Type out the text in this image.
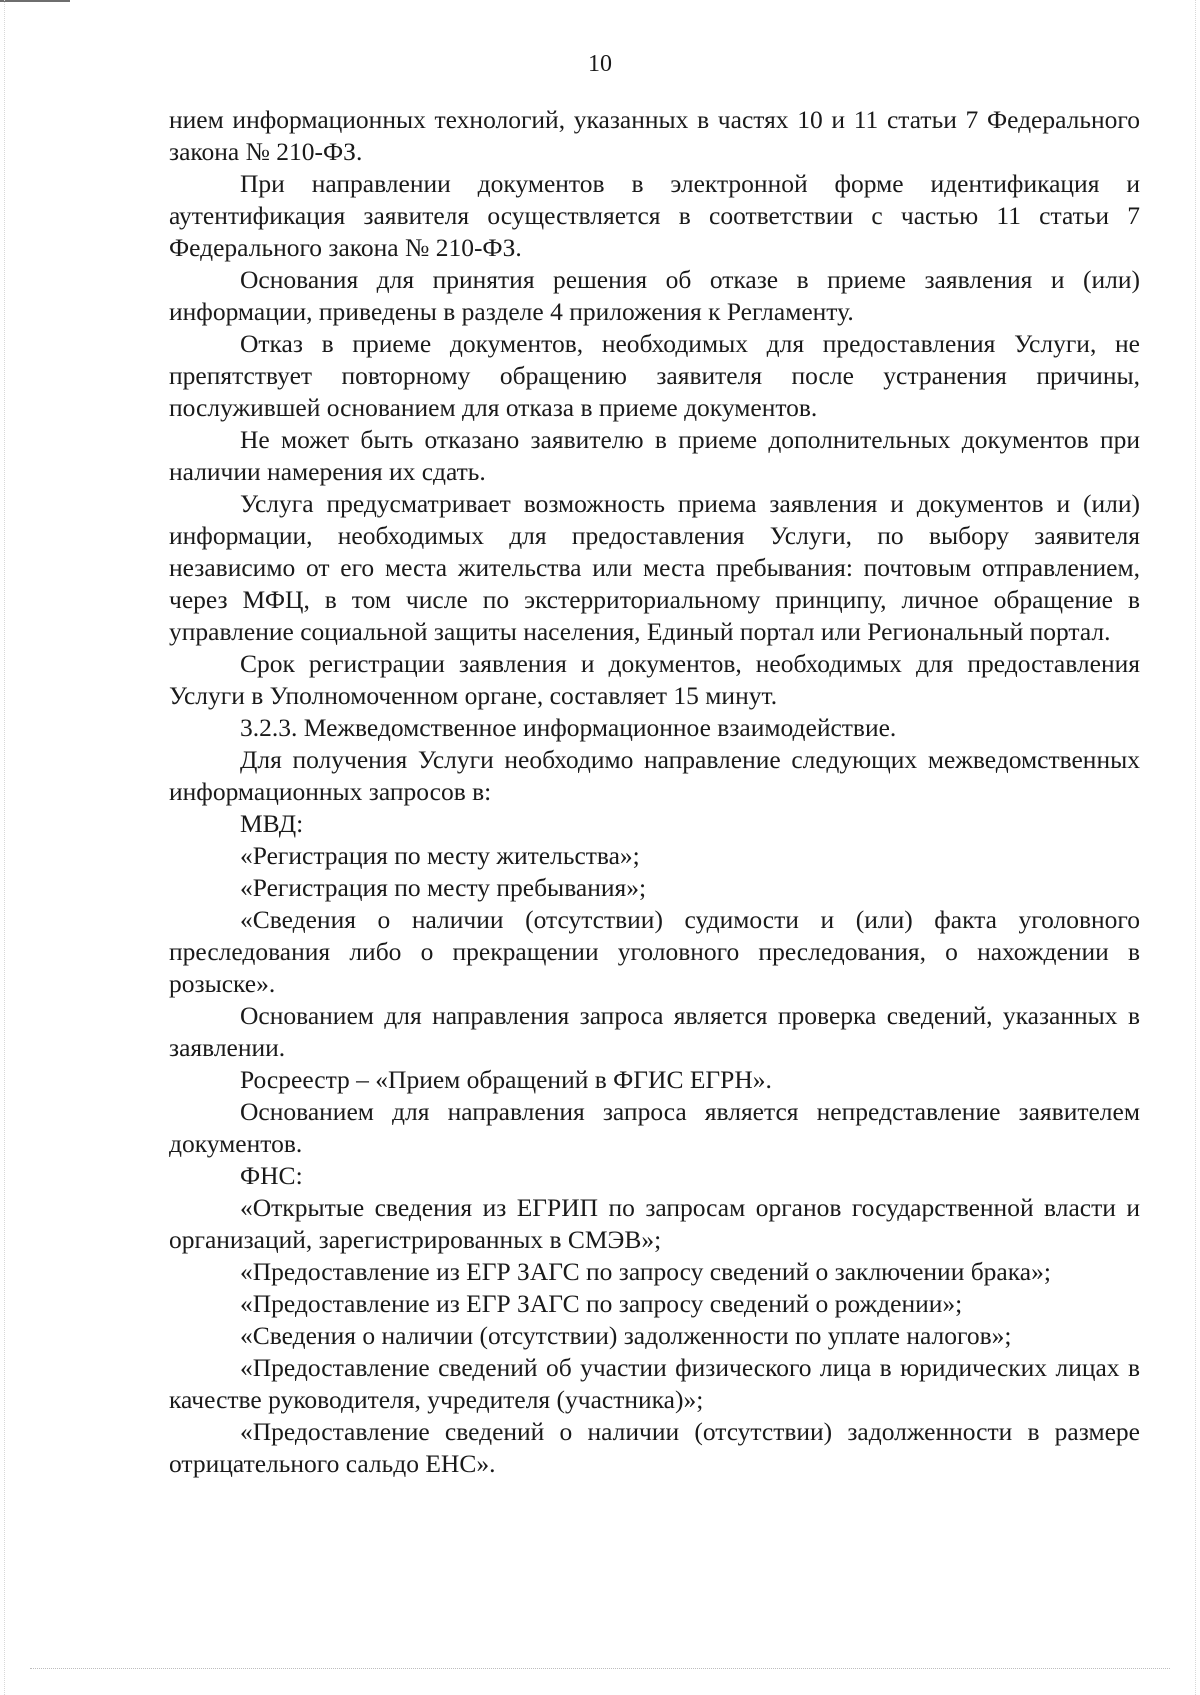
10

нием информационных технологий, указанных в частях 10 и 11 статьи 7 Федерального закона № 210-ФЗ.

При направлении документов в электронной форме идентификация и аутентификация заявителя осуществляется в соответствии с частью 11 статьи 7 Федерального закона № 210-ФЗ.

Основания для принятия решения об отказе в приеме заявления и (или) информации, приведены в разделе 4 приложения к Регламенту.

Отказ в приеме документов, необходимых для предоставления Услуги, не препятствует повторному обращению заявителя после устранения причины, послужившей основанием для отказа в приеме документов.

Не может быть отказано заявителю в приеме дополнительных документов при наличии намерения их сдать.

Услуга предусматривает возможность приема заявления и документов и (или) информации, необходимых для предоставления Услуги, по выбору заявителя независимо от его места жительства или места пребывания: почтовым отправлением, через МФЦ, в том числе по экстерриториальному принципу, личное обращение в управление социальной защиты населения, Единый портал или Региональный портал.

Срок регистрации заявления и документов, необходимых для предоставления Услуги в Уполномоченном органе, составляет 15 минут.

3.2.3. Межведомственное информационное взаимодействие.

Для получения Услуги необходимо направление следующих межведомственных информационных запросов в:

МВД:

«Регистрация по месту жительства»;

«Регистрация по месту пребывания»;

«Сведения о наличии (отсутствии) судимости и (или) факта уголовного преследования либо о прекращении уголовного преследования, о нахождении в розыске».

Основанием для направления запроса является проверка сведений, указанных в заявлении.

Росреестр – «Прием обращений в ФГИС ЕГРН».

Основанием для направления запроса является непредставление заявителем документов.

ФНС:

«Открытые сведения из ЕГРИП по запросам органов государственной власти и организаций, зарегистрированных в СМЭВ»;

«Предоставление из ЕГР ЗАГС по запросу сведений о заключении брака»;

«Предоставление из ЕГР ЗАГС по запросу сведений о рождении»;

«Сведения о наличии (отсутствии) задолженности по уплате налогов»;

«Предоставление сведений об участии физического лица в юридических лицах в качестве руководителя, учредителя (участника)»;

«Предоставление сведений о наличии (отсутствии) задолженности в размере отрицательного сальдо ЕНС».
